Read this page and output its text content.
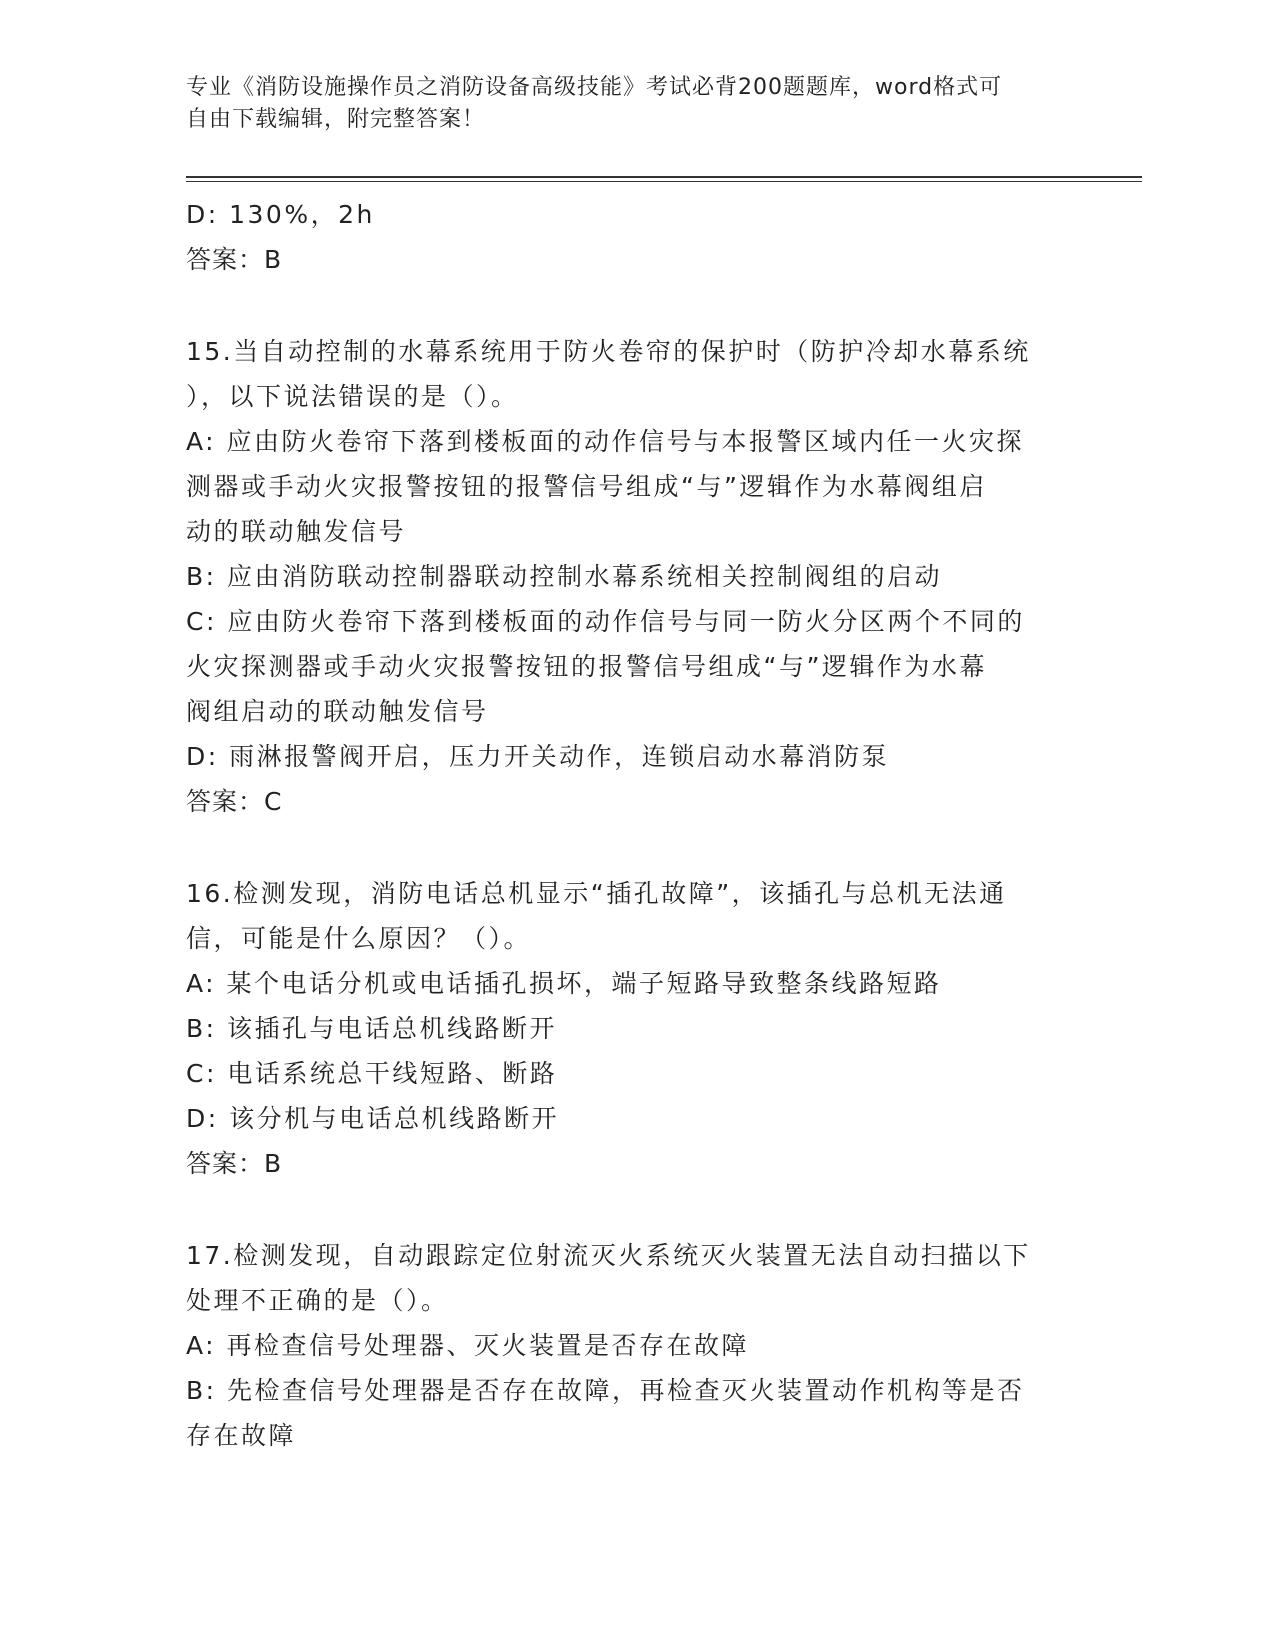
专业《消防设施操作员之消防设备高级技能》考试必背200题题库，word格式可
自由下载编辑，附完整答案！
D: 130%，2h
答案：B
15.当自动控制的水幕系统用于防火卷帘的保护时（防护冷却水幕系统
），以下说法错误的是（）。
A: 应由防火卷帘下落到楼板面的动作信号与本报警区域内任一火灾探
测器或手动火灾报警按钮的报警信号组成“与”逻辑作为水幕阀组启
动的联动触发信号
B: 应由消防联动控制器联动控制水幕系统相关控制阀组的启动
C: 应由防火卷帘下落到楼板面的动作信号与同一防火分区两个不同的
火灾探测器或手动火灾报警按钮的报警信号组成“与”逻辑作为水幕
阀组启动的联动触发信号
D: 雨淋报警阀开启，压力开关动作，连锁启动水幕消防泵
答案：C
16.检测发现，消防电话总机显示“插孔故障”，该插孔与总机无法通
信，可能是什么原因？（）。
A: 某个电话分机或电话插孔损坏，端子短路导致整条线路短路
B: 该插孔与电话总机线路断开
C: 电话系统总干线短路、断路
D: 该分机与电话总机线路断开
答案：B
17.检测发现，自动跟踪定位射流灭火系统灭火装置无法自动扫描以下
处理不正确的是（）。
A: 再检查信号处理器、灭火装置是否存在故障
B: 先检查信号处理器是否存在故障，再检查灭火装置动作机构等是否
存在故障
